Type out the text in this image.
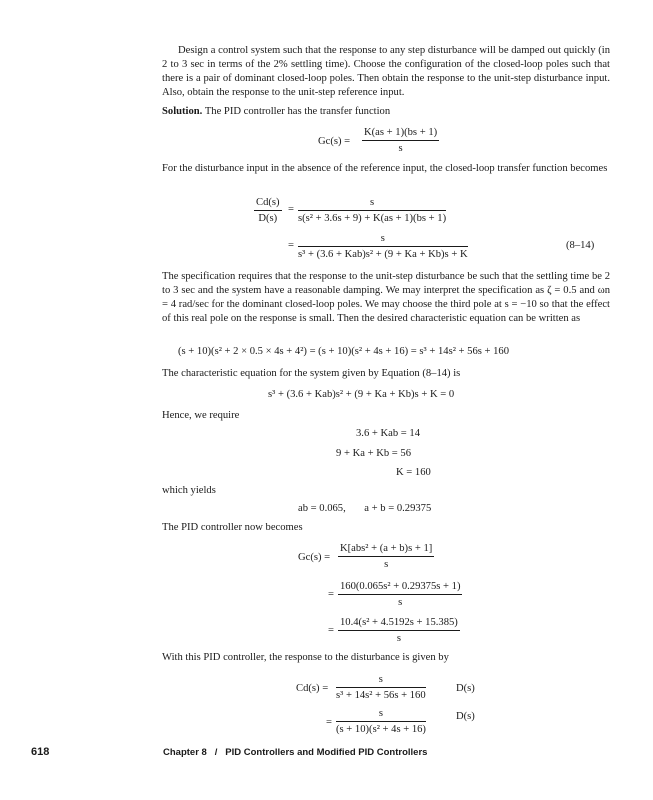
Design a control system such that the response to any step disturbance will be damped out quickly (in 2 to 3 sec in terms of the 2% settling time). Choose the configuration of the closed-loop poles such that there is a pair of dominant closed-loop poles. Then obtain the response to the unit-step disturbance input. Also, obtain the response to the unit-step reference input.

Solution. The PID controller has the transfer function
$Gc(s) = \frac{K(as + 1)(bs + 1)}{s}$

For the disturbance input in the absence of the reference input, the closed-loop transfer function becomes

$\frac{Cd(s)}{D(s)} = \frac{s}{\text{s(s² + 3.6s + 9) + K(as + 1)(bs + 1)}}$
=
s
s³ + (3.6 + Kab)s² + (9 + Ka + Kb)s + K
(8–14)

The specification requires that the response to the unit-step disturbance be such that the settling time be 2 to 3 sec and the system have a reasonable damping. We may interpret the specification as ζ = 0.5 and ωn = 4 rad/sec for the dominant closed-loop poles. We may choose the third pole at s = −10 so that the effect of this real pole on the response is small. Then the desired characteristic equation can be written as

(s + 10)(s² + 2 × 0.5 × 4s + 4²) = (s + 10)(s² + 4s + 16) = s³ + 14s² + 56s + 160
The characteristic equation for the system given by Equation (8–14) is
s³ + (3.6 + Kab)s² + (9 + Ka + Kb)s + K = 0
Hence, we require
3.6 + Kab = 14
9 + Ka + Kb = 56
K = 160
which yields
ab = 0.065,       a + b = 0.29375
The PID controller now becomes
Gc(s) =
K[abs² + (a + b)s + 1]
s
= $\frac{\text{160(0.065s² + 0.29375s + 1)}}{s}$
= $\frac{\text{10.4(s² + 4.5192s + 15.385)}}{s}$
With this PID controller, the response to the disturbance is given by
$Cd(s) = \frac{s}{\text{s³ + 14s² + 56s + 160}}$	D(s)
= $\frac{s}{\text{(s + 10)(s² + 4s + 16)}}$	D(s)
618	Chapter 8   /   PID Controllers and Modified PID Controllers
